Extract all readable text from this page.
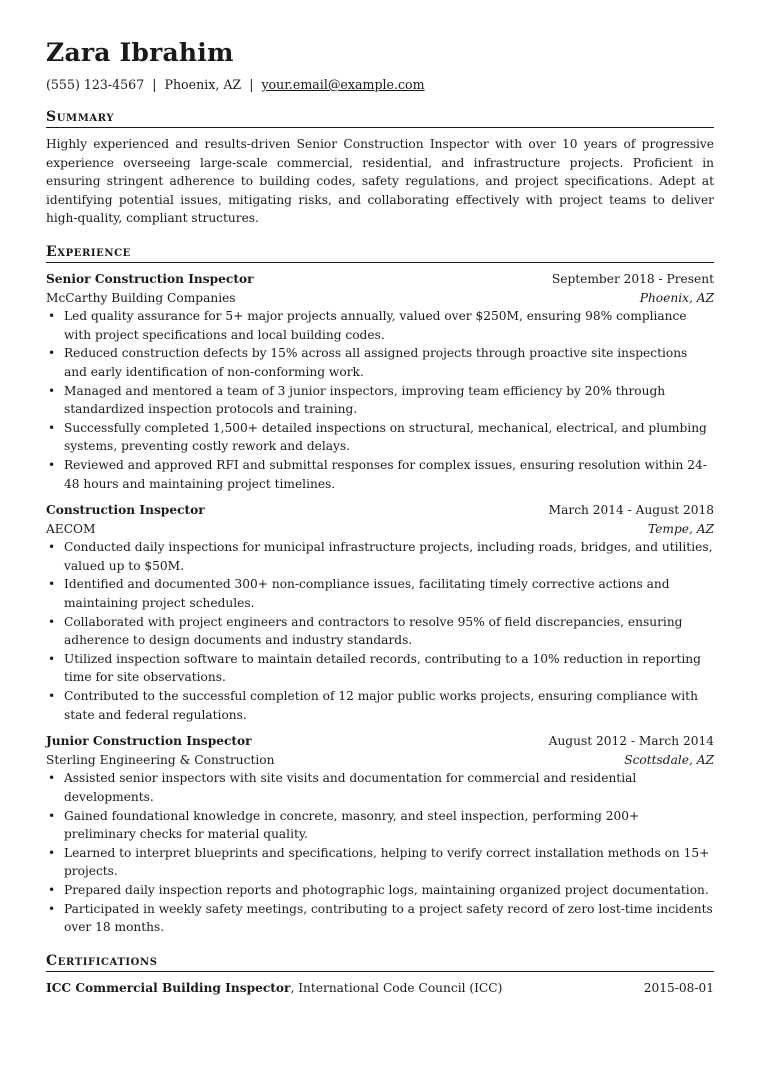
Zara Ibrahim
(555) 123-4567 | Phoenix, AZ | your.email@example.com
Summary
Highly experienced and results-driven Senior Construction Inspector with over 10 years of progressive experience overseeing large-scale commercial, residential, and infrastructure projects. Proficient in ensuring stringent adherence to building codes, safety regulations, and project specifications. Adept at identifying potential issues, mitigating risks, and collaborating effectively with project teams to deliver high-quality, compliant structures.
Experience
Senior Construction Inspector	September 2018 - Present
McCarthy Building Companies	Phoenix, AZ
• Led quality assurance for 5+ major projects annually, valued over $250M, ensuring 98% compliance with project specifications and local building codes.
• Reduced construction defects by 15% across all assigned projects through proactive site inspections and early identification of non-conforming work.
• Managed and mentored a team of 3 junior inspectors, improving team efficiency by 20% through standardized inspection protocols and training.
• Successfully completed 1,500+ detailed inspections on structural, mechanical, electrical, and plumbing systems, preventing costly rework and delays.
• Reviewed and approved RFI and submittal responses for complex issues, ensuring resolution within 24-48 hours and maintaining project timelines.
Construction Inspector	March 2014 - August 2018
AECOM	Tempe, AZ
• Conducted daily inspections for municipal infrastructure projects, including roads, bridges, and utilities, valued up to $50M.
• Identified and documented 300+ non-compliance issues, facilitating timely corrective actions and maintaining project schedules.
• Collaborated with project engineers and contractors to resolve 95% of field discrepancies, ensuring adherence to design documents and industry standards.
• Utilized inspection software to maintain detailed records, contributing to a 10% reduction in reporting time for site observations.
• Contributed to the successful completion of 12 major public works projects, ensuring compliance with state and federal regulations.
Junior Construction Inspector	August 2012 - March 2014
Sterling Engineering & Construction	Scottsdale, AZ
• Assisted senior inspectors with site visits and documentation for commercial and residential developments.
• Gained foundational knowledge in concrete, masonry, and steel inspection, performing 200+ preliminary checks for material quality.
• Learned to interpret blueprints and specifications, helping to verify correct installation methods on 15+ projects.
• Prepared daily inspection reports and photographic logs, maintaining organized project documentation.
• Participated in weekly safety meetings, contributing to a project safety record of zero lost-time incidents over 18 months.
Certifications
ICC Commercial Building Inspector, International Code Council (ICC)	2015-08-01
